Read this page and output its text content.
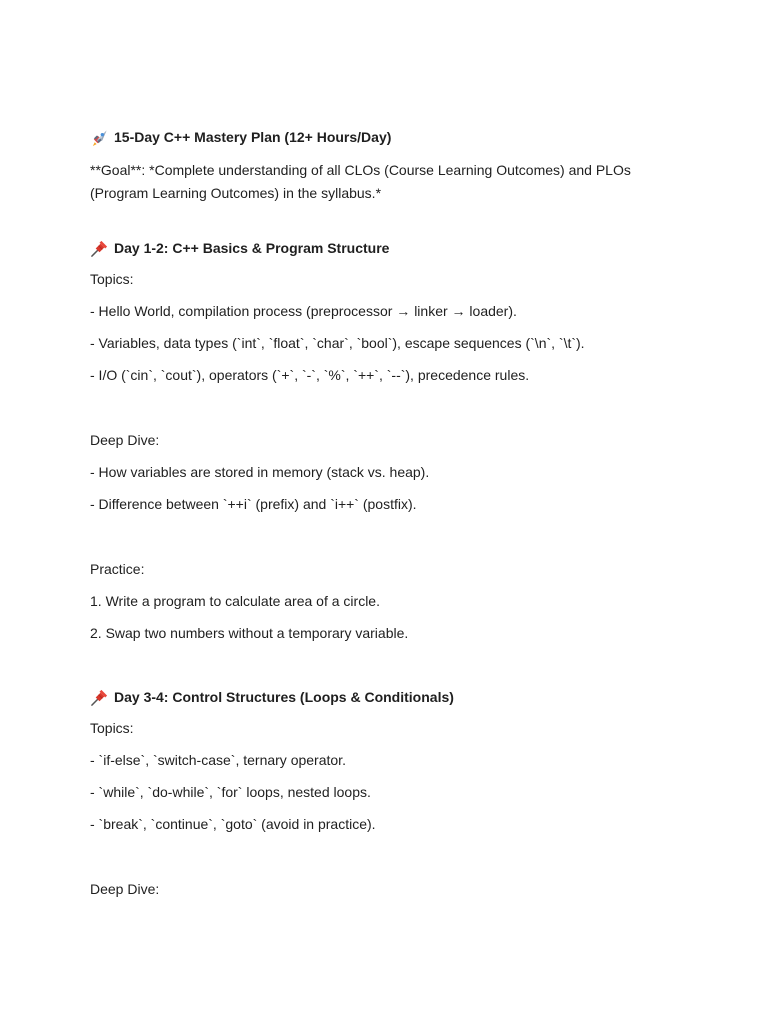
15-Day C++ Mastery Plan (12+ Hours/Day)
**Goal**: *Complete understanding of all CLOs (Course Learning Outcomes) and PLOs (Program Learning Outcomes) in the syllabus.*
Day 1-2: C++ Basics & Program Structure
Topics:
- Hello World, compilation process (preprocessor → linker → loader).
- Variables, data types (`int`, `float`, `char`, `bool`), escape sequences (`\n`, `\t`).
- I/O (`cin`, `cout`), operators (`+`, `-`, `%`, `++`, `--`), precedence rules.
Deep Dive:
- How variables are stored in memory (stack vs. heap).
- Difference between `++i` (prefix) and `i++` (postfix).
Practice:
1. Write a program to calculate area of a circle.
2. Swap two numbers without a temporary variable.
Day 3-4: Control Structures (Loops & Conditionals)
Topics:
- `if-else`, `switch-case`, ternary operator.
- `while`, `do-while`, `for` loops, nested loops.
- `break`, `continue`, `goto` (avoid in practice).
Deep Dive:
